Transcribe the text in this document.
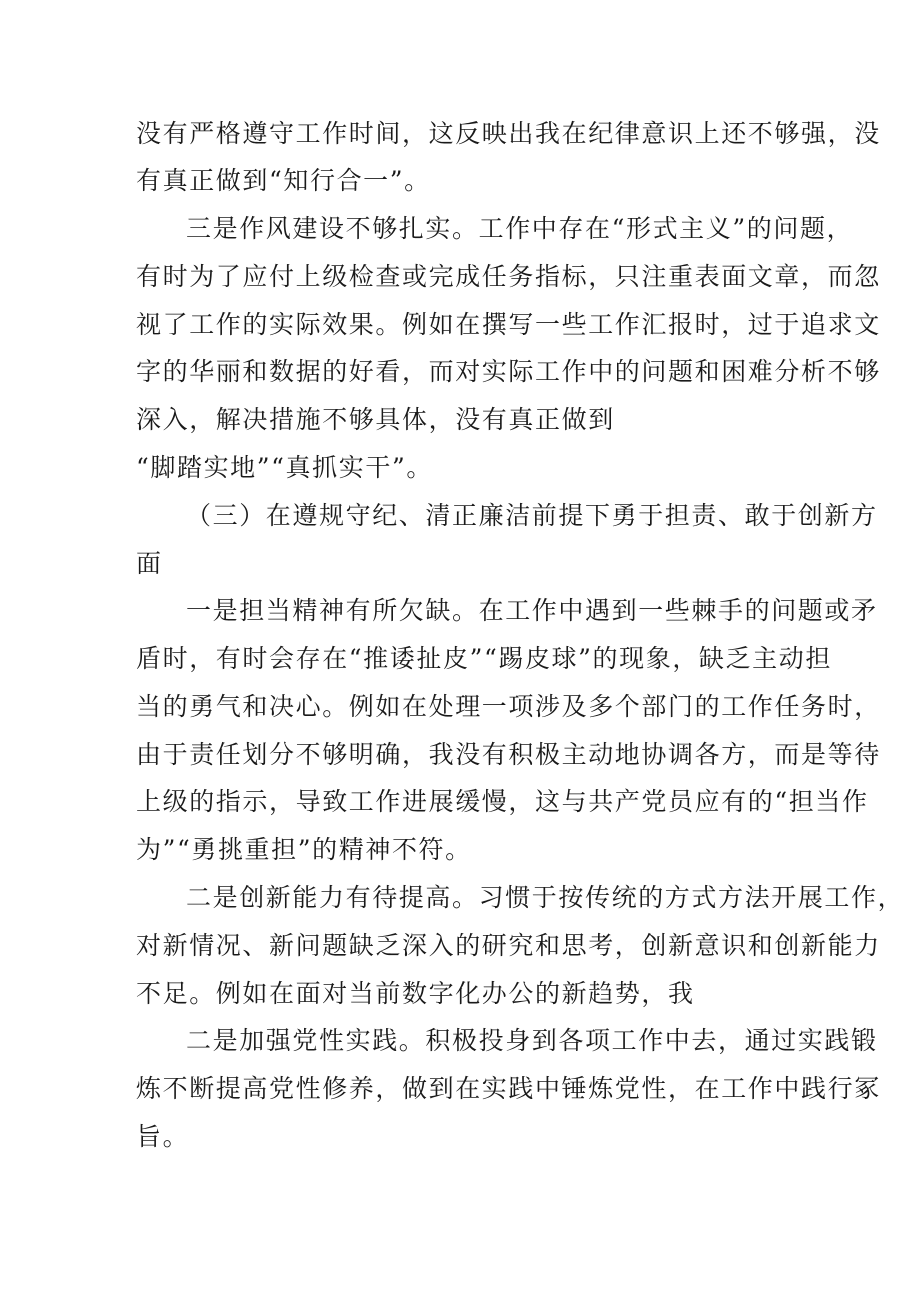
没有严格遵守工作时间，这反映出我在纪律意识上还不够强，没
有真正做到“知行合一”。
三是作风建设不够扎实。工作中存在“形式主义”的问题，
有时为了应付上级检查或完成任务指标，只注重表面文章，而忽
视了工作的实际效果。例如在撰写一些工作汇报时，过于追求文
字的华丽和数据的好看，而对实际工作中的问题和困难分析不够
深入，解决措施不够具体，没有真正做到
“脚踏实地”“真抓实干”。
（三）在遵规守纪、清正廉洁前提下勇于担责、敢于创新方
面
一是担当精神有所欠缺。在工作中遇到一些棘手的问题或矛
盾时，有时会存在“推诿扯皮”“踢皮球”的现象，缺乏主动担
当的勇气和决心。例如在处理一项涉及多个部门的工作任务时，
由于责任划分不够明确，我没有积极主动地协调各方，而是等待
上级的指示，导致工作进展缓慢，这与共产党员应有的“担当作
为”“勇挑重担”的精神不符。
二是创新能力有待提高。习惯于按传统的方式方法开展工作，
对新情况、新问题缺乏深入的研究和思考，创新意识和创新能力
不足。例如在面对当前数字化办公的新趋势，我
二是加强党性实践。积极投身到各项工作中去，通过实践锻
炼不断提高党性修养，做到在实践中锤炼党性，在工作中践行冢
旨。
